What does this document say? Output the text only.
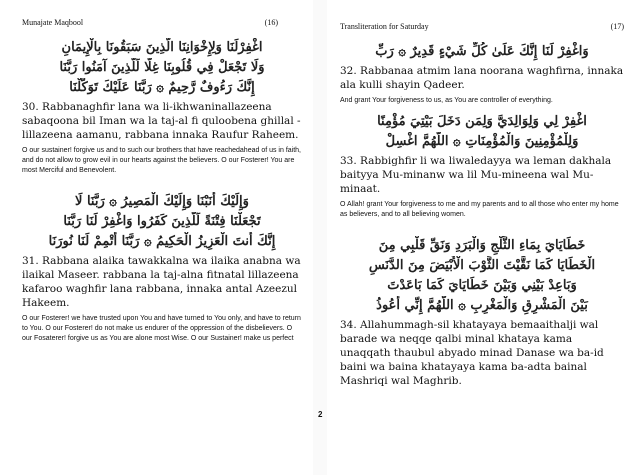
Munajate Maqbool	(16)
اغْفِرْلَنَا وَلِإِخْوَانِنَا الَّذِينَ سَبَقُونَا بِالْإِيمَانِ
وَلَا تَجْعَلْ فِي قُلُوبِنَا غِلًّا لِّلَّذِينَ آمَنُوا رَبَّنَا
إِنَّكَ رَءُوفٌ رَّحِيمٌ ۞ رَبَّنَا عَلَيْكَ تَوَكَّلْنَا
30. Rabbanaghfir lana wa li-ikhwaninallazeena sabaqoona bil Iman wa la taj-al fi quloobena ghillal -lillazeena aamanu, rabbana innaka Raufur Raheem.
O our sustainer! forgive us and to such our brothers that have reachedahead of us in faith, and do not allow to grow evil in our hearts against the believers. O our Fosterer! You are most Merciful and Benevolent.
وَإِلَيْكَ أَنَبْنَا وَإِلَيْكَ الْمَصِيرُ ۞ رَبَّنَا لَا
تَجْعَلْنَا فِتْنَةً لِّلَّذِينَ كَفَرُوا وَاغْفِرْ لَنَا رَبَّنَا
إِنَّكَ أَنتَ الْعَزِيزُ الْحَكِيمُ ۞ رَبَّنَا أَتْمِمْ لَنَا نُورَنَا
31. Rabbana alaika tawakkalna wa ilaika anabna wa ilaikal Maseer. rabbana la taj-alna fitnatal lillazeena kafaroo waghfir lana rabbana, innaka antal Azeezul Hakeem.
O our Fosterer! we have trusted upon You and have turned to You only, and have to return to You. O our Fosterer! do not make us endurer of the oppression of the disbelievers. O our Fosaterer! forgive us as You are alone most Wise. O our Sustainer! make us perfect
2
Transliteration for Saturday	(17)
وَاغْفِرْ لَنَا إِنَّكَ عَلَىٰ كُلِّ شَيْءٍ قَدِيرٌ ۞ رَبِّ
32. Rabbanaa atmim lana noorana waghfirna, innaka ala kulli shayin Qadeer.
And grant Your forgiveness to us, as You are controller of everything.
اغْفِرْ لِي وَلِوَالِدَيَّ وَلِمَن دَخَلَ بَيْتِيَ مُؤْمِنًا
وَلِلْمُؤْمِنِينَ وَالْمُؤْمِنَاتِ ۞ اللَّهُمَّ اغْسِلْ
33. Rabbighfir li wa liwaledayya wa leman dakhala baityya Mu-minanw wa lil Mu-mineena wal Mu-minaat.
O Allah! grant Your forgiveness to me and my parents and to all those who enter my home as believers, and to all believing women.
خَطَايَايَ بِمَاءِ الثَّلْجِ وَالْبَرَدِ وَنَقِّ قَلْبِي مِنَ
الْخَطَايَا كَمَا نَقَّيْتَ الثَّوْبَ الْأَبْيَضَ مِنَ الدَّنَسِ
وَبَاعِدْ بَيْنِي وَبَيْنَ خَطَايَايَ كَمَا بَاعَدْتَ
بَيْنَ الْمَشْرِقِ وَالْمَغْرِبِ ۞ اللَّهُمَّ إِنِّي أَعُوذُ
34. Allahummagh-sil khatayaya bemaaithalji wal barade wa neqqe qalbi minal khataya kama unaqqath thaubul abyado minad Danase wa ba-id baini wa baina khatayaya kama ba-adta bainal Mashriqi wal Maghrib.
